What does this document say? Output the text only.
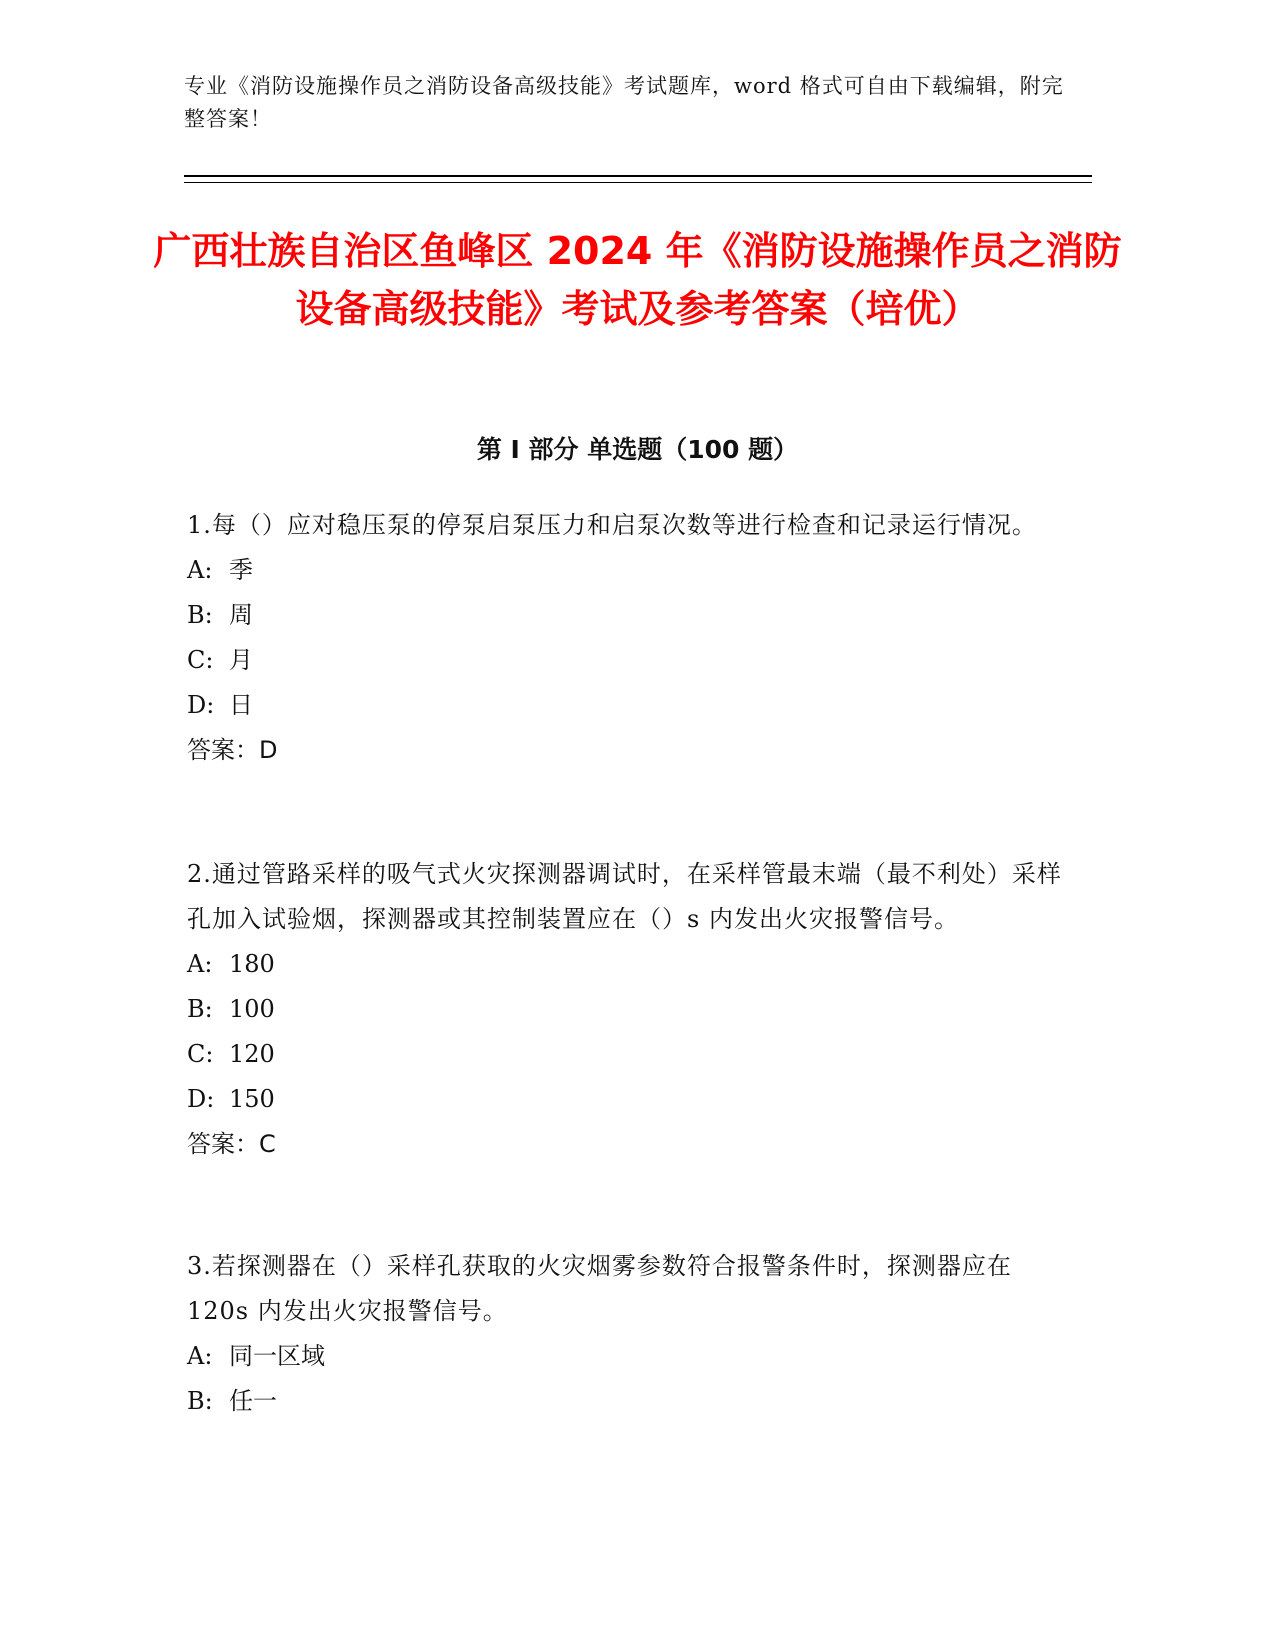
专业《消防设施操作员之消防设备高级技能》考试题库，word 格式可自由下载编辑，附完整答案！
广西壮族自治区鱼峰区 2024 年《消防设施操作员之消防设备高级技能》考试及参考答案（培优）
第 I 部分 单选题（100 题）
1.每（）应对稳压泵的停泵启泵压力和启泵次数等进行检查和记录运行情况。
A: 季
B: 周
C: 月
D: 日
答案：D
2.通过管路采样的吸气式火灾探测器调试时，在采样管最末端（最不利处）采样孔加入试验烟，探测器或其控制装置应在（）s 内发出火灾报警信号。
A: 180
B: 100
C: 120
D: 150
答案：C
3.若探测器在（）采样孔获取的火灾烟雾参数符合报警条件时，探测器应在 120s 内发出火灾报警信号。
A: 同一区域
B: 任一
